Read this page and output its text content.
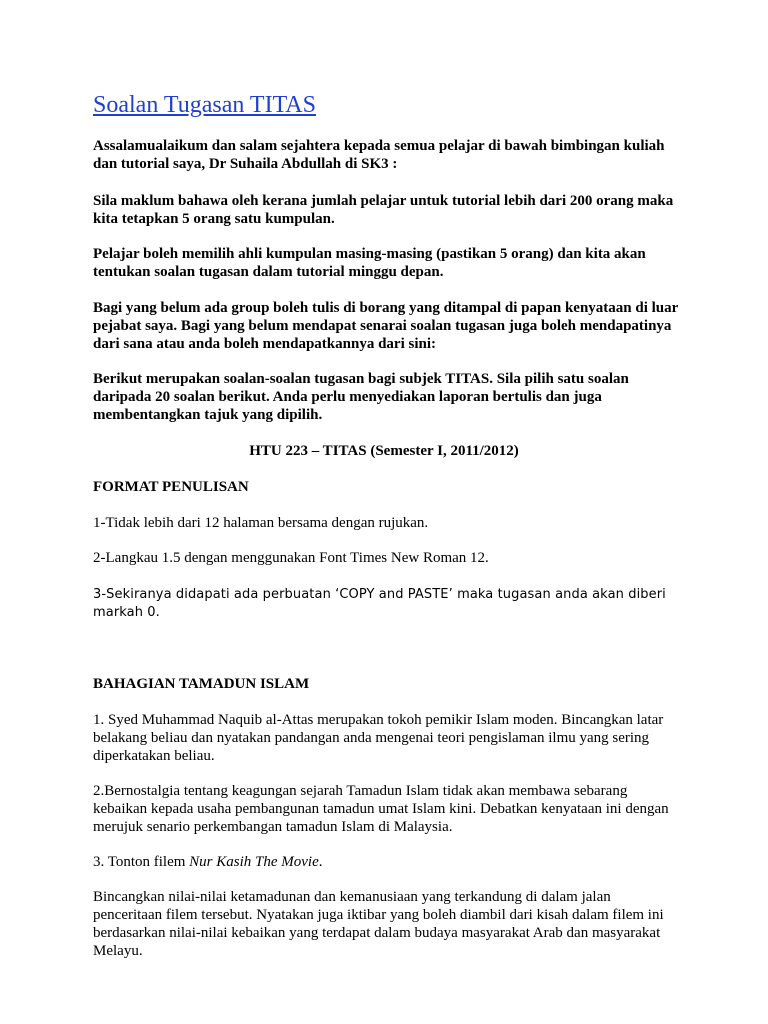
Soalan Tugasan TITAS

Assalamualaikum dan salam sejahtera kepada semua pelajar di bawah bimbingan kuliah dan tutorial saya, Dr Suhaila Abdullah di SK3 :

Sila maklum bahawa oleh kerana jumlah pelajar untuk tutorial lebih dari 200 orang maka kita tetapkan 5 orang satu kumpulan.

Pelajar boleh memilih ahli kumpulan masing-masing (pastikan 5 orang) dan kita akan tentukan soalan tugasan dalam tutorial minggu depan.

Bagi yang belum ada group boleh tulis di borang yang ditampal di papan kenyataan di luar pejabat saya. Bagi yang belum mendapat senarai soalan tugasan juga boleh mendapatinya dari sana atau anda boleh mendapatkannya dari sini:

Berikut merupakan soalan-soalan tugasan bagi subjek TITAS. Sila pilih satu soalan daripada 20 soalan berikut. Anda perlu menyediakan laporan bertulis dan juga membentangkan tajuk yang dipilih.

HTU 223 – TITAS (Semester I, 2011/2012)

FORMAT PENULISAN

1-Tidak lebih dari 12 halaman bersama dengan rujukan.

2-Langkau 1.5 dengan menggunakan Font Times New Roman 12.

3-Sekiranya didapati ada perbuatan ‘COPY and PASTE’ maka tugasan anda akan diberi markah 0.

BAHAGIAN TAMADUN ISLAM

1. Syed Muhammad Naquib al-Attas merupakan tokoh pemikir Islam moden. Bincangkan latar belakang beliau dan nyatakan pandangan anda mengenai teori pengislaman ilmu yang sering diperkatakan beliau.

2.Bernostalgia tentang keagungan sejarah Tamadun Islam tidak akan membawa sebarang kebaikan kepada usaha pembangunan tamadun umat Islam kini. Debatkan kenyataan ini dengan merujuk senario perkembangan tamadun Islam di Malaysia.

3. Tonton filem Nur Kasih The Movie.

Bincangkan nilai-nilai ketamadunan dan kemanusiaan yang terkandung di dalam jalan penceritaan filem tersebut. Nyatakan juga iktibar yang boleh diambil dari kisah dalam filem ini berdasarkan nilai-nilai kebaikan yang terdapat dalam budaya masyarakat Arab dan masyarakat Melayu.
